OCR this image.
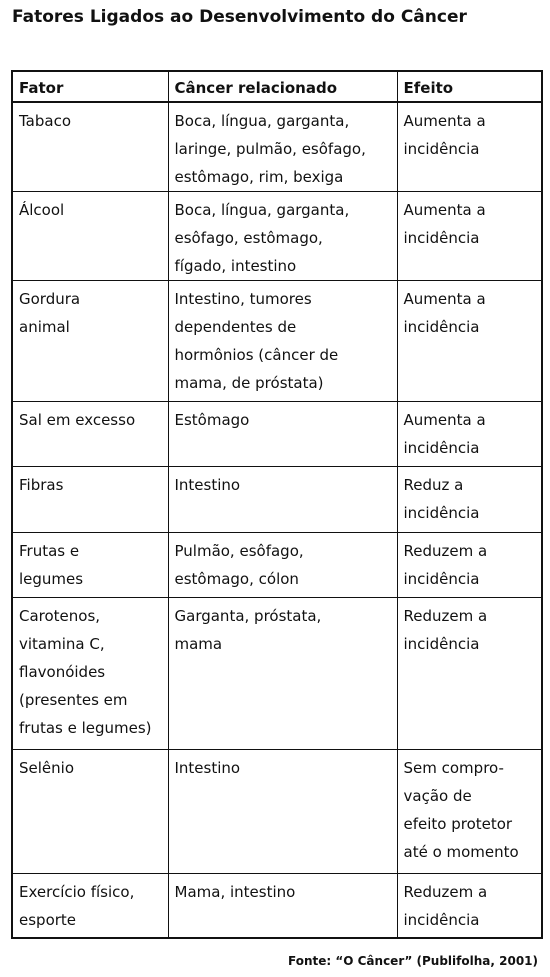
Fatores Ligados ao Desenvolvimento do Câncer
Fator	Câncer relacionado	Efeito

Tabaco	Boca, língua, garganta,
laringe, pulmão, esôfago,
estômago, rim, bexiga	Aumenta a
incidência

Álcool	Boca, língua, garganta,
esôfago, estômago,
fígado, intestino	Aumenta a
incidência

Gordura
animal	Intestino, tumores
dependentes de
hormônios (câncer de
mama, de próstata)	Aumenta a
incidência

Sal em excesso	Estômago	Aumenta a
incidência

Fibras	Intestino	Reduz a
incidência

Frutas e
legumes	Pulmão, esôfago,
estômago, cólon	Reduzem a
incidência

Carotenos,
vitamina C,
flavonóides
(presentes em
frutas e legumes)	Garganta, próstata,
mama	Reduzem a
incidência

Selênio	Intestino	Sem compro-
vação de
efeito protetor
até o momento

Exercício físico,
esporte	Mama, intestino	Reduzem a
incidência
Fonte: “O Câncer” (Publifolha, 2001)
